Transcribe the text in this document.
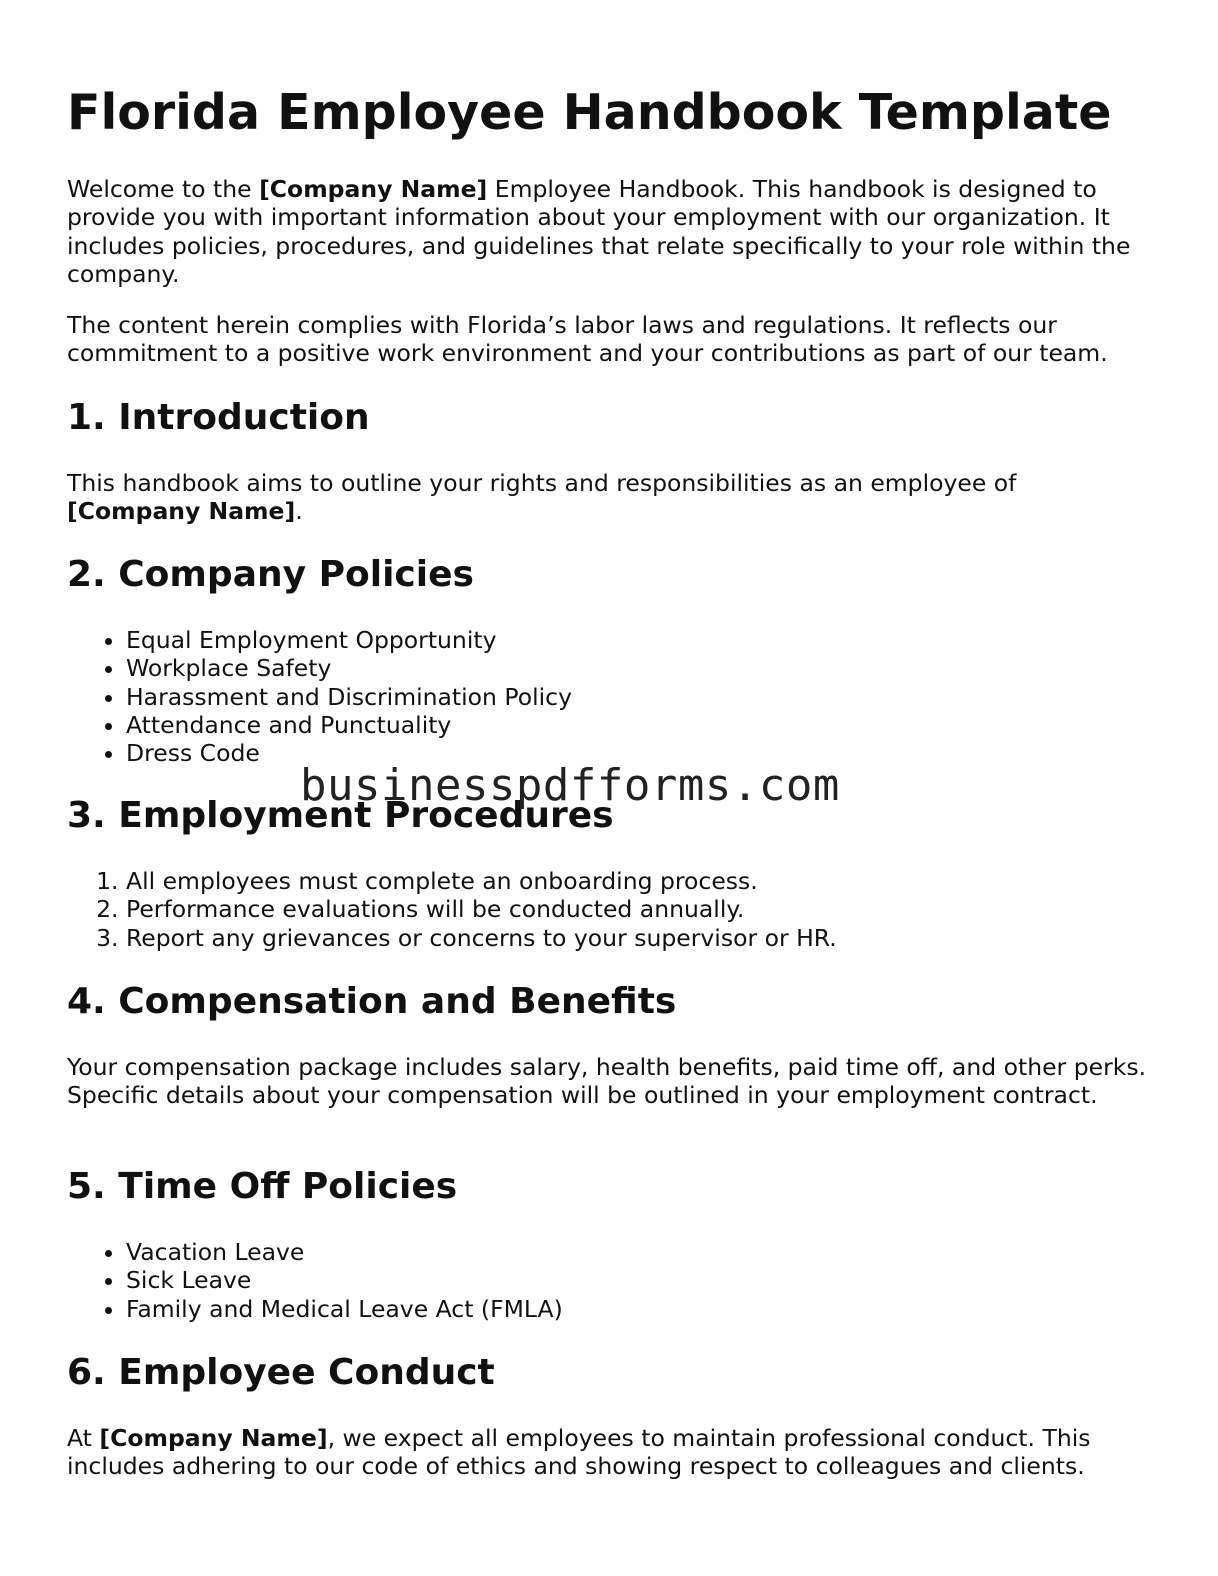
Florida Employee Handbook Template

Welcome to the [Company Name] Employee Handbook. This handbook is designed to provide you with important information about your employment with our organization. It includes policies, procedures, and guidelines that relate specifically to your role within the company.

The content herein complies with Florida’s labor laws and regulations. It reflects our commitment to a positive work environment and your contributions as part of our team.

1. Introduction

This handbook aims to outline your rights and responsibilities as an employee of [Company Name].

2. Company Policies
• Equal Employment Opportunity
• Workplace Safety
• Harassment and Discrimination Policy
• Attendance and Punctuality
• Dress Code
3. Employment Procedures
1. All employees must complete an onboarding process.
2. Performance evaluations will be conducted annually.
3. Report any grievances or concerns to your supervisor or HR.
4. Compensation and Benefits

Your compensation package includes salary, health benefits, paid time off, and other perks. Specific details about your compensation will be outlined in your employment contract.

5. Time Off Policies
• Vacation Leave
• Sick Leave
• Family and Medical Leave Act (FMLA)
6. Employee Conduct

At [Company Name], we expect all employees to maintain professional conduct. This includes adhering to our code of ethics and showing respect to colleagues and clients.

businesspdfforms.com
